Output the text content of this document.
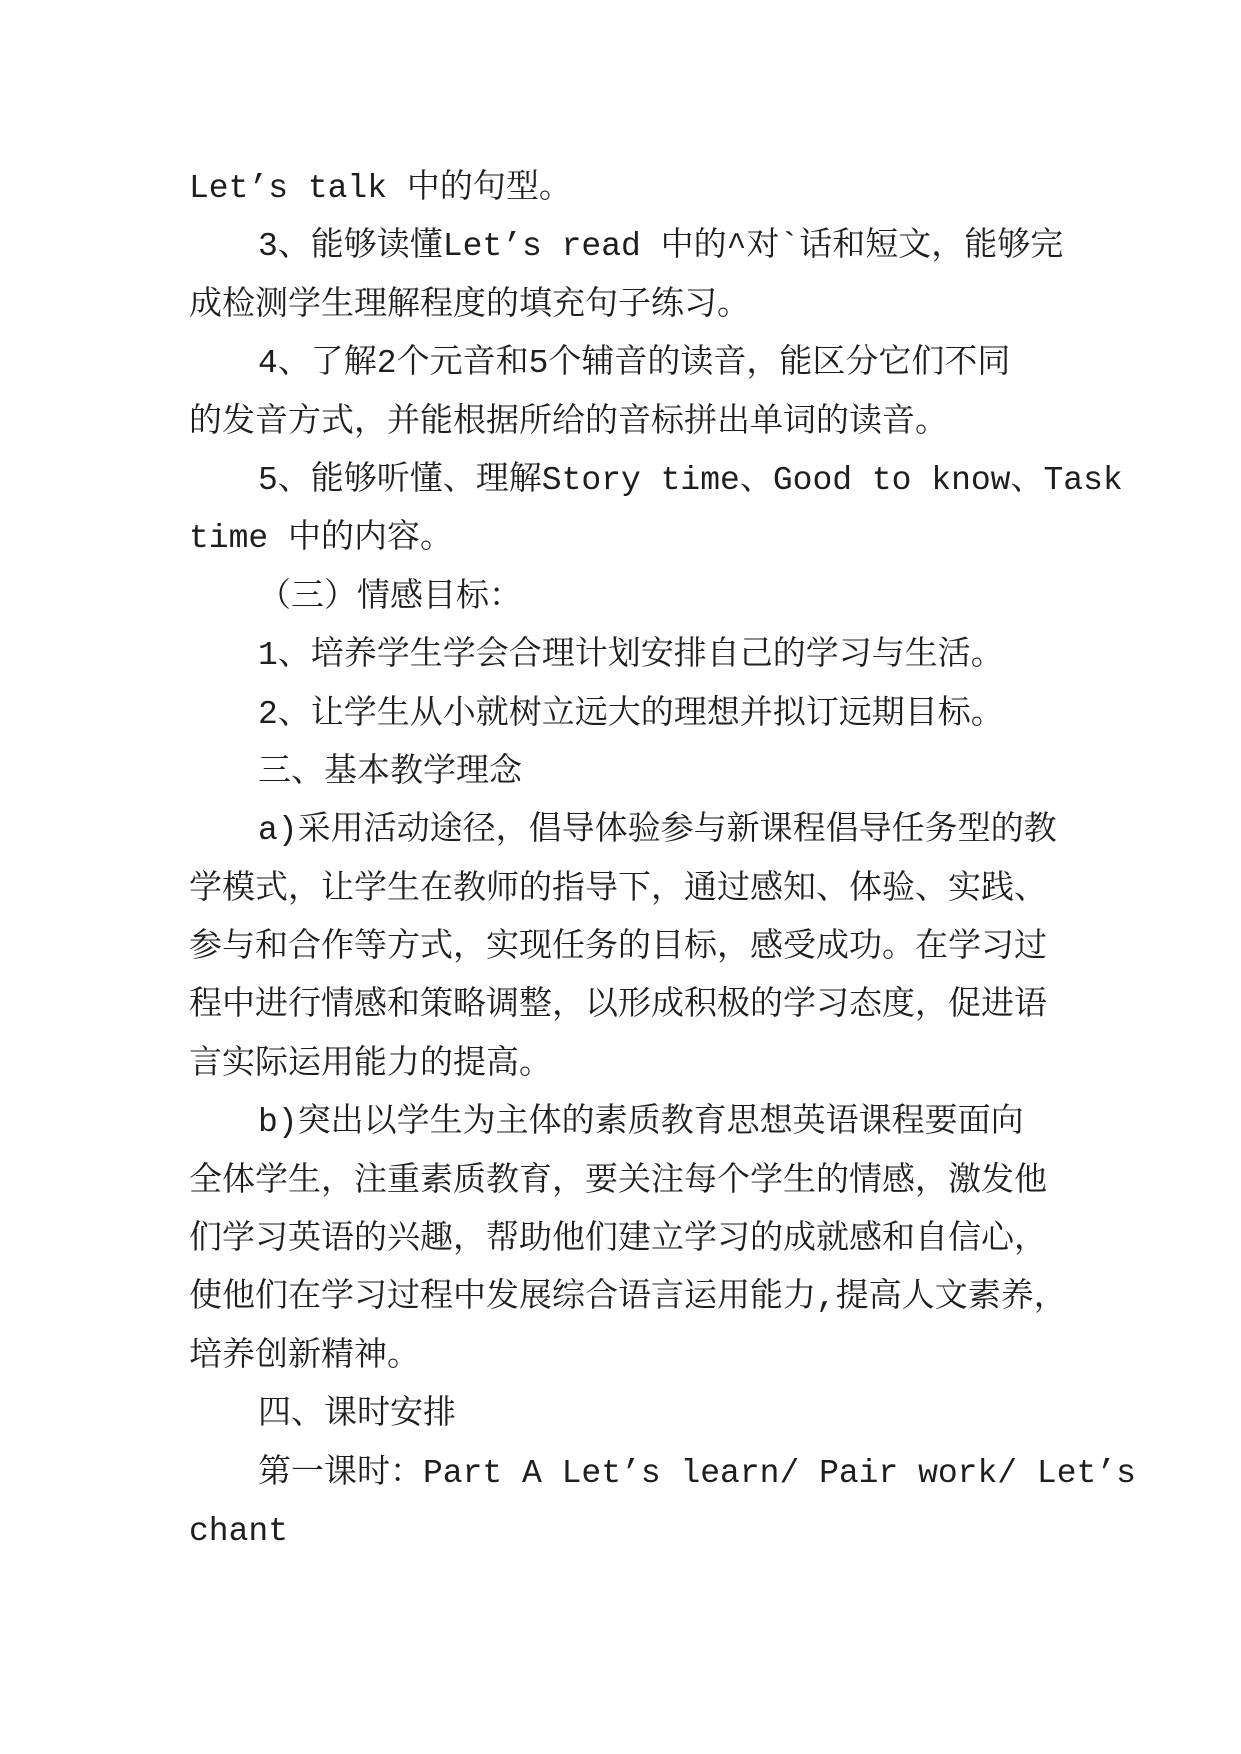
Let’s talk 中的句型。
3、能够读懂Let’s read 中的^对`话和短文，能够完
成检测学生理解程度的填充句子练习。
4、了解2个元音和5个辅音的读音，能区分它们不同
的发音方式，并能根据所给的音标拼出单词的读音。
5、能够听懂、理解Story time、Good to know、Task
time 中的内容。
（三）情感目标：
1、培养学生学会合理计划安排自己的学习与生活。
2、让学生从小就树立远大的理想并拟订远期目标。
三、基本教学理念
a)采用活动途径，倡导体验参与新课程倡导任务型的教
学模式，让学生在教师的指导下，通过感知、体验、实践、
参与和合作等方式，实现任务的目标，感受成功。在学习过
程中进行情感和策略调整，以形成积极的学习态度，促进语
言实际运用能力的提高。
b)突出以学生为主体的素质教育思想英语课程要面向
全体学生，注重素质教育，要关注每个学生的情感，激发他
们学习英语的兴趣，帮助他们建立学习的成就感和自信心，
使他们在学习过程中发展综合语言运用能力,提高人文素养，
培养创新精神。
四、课时安排
第一课时：Part A Let’s learn/ Pair work/ Let’s
chant
